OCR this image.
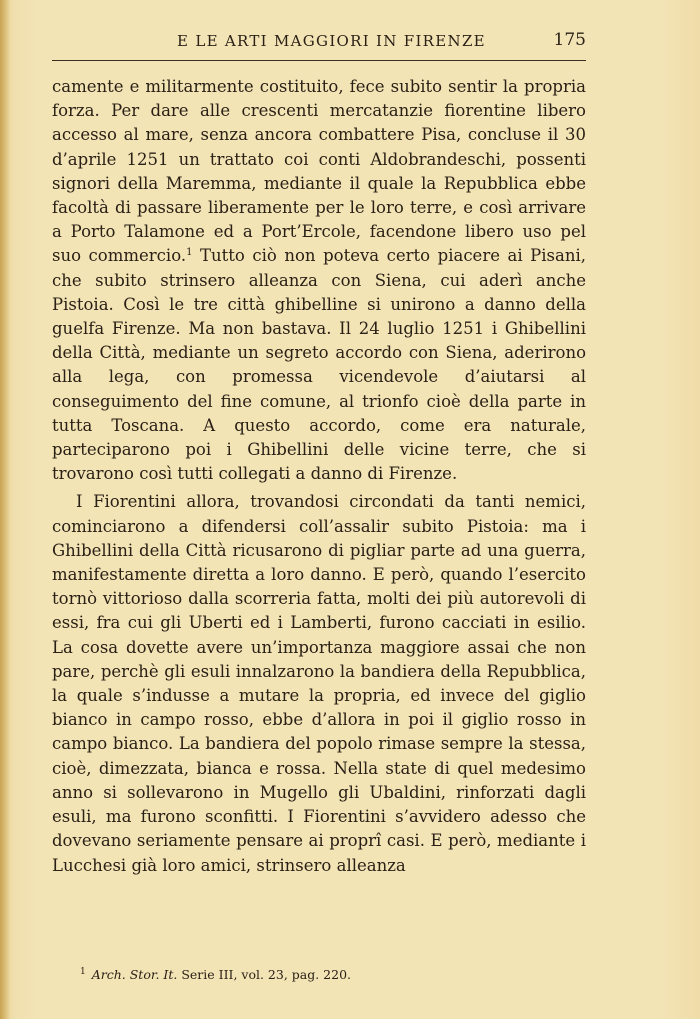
E LE ARTI MAGGIORI IN FIRENZE	175

camente e militarmente costituito, fece subito sentir la propria forza. Per dare alle crescenti mercatanzie fiorentine libero accesso al mare, senza ancora combattere Pisa, concluse il 30 d’aprile 1251 un trattato coi conti Aldobrandeschi, possenti signori della Maremma, mediante il quale la Repubblica ebbe facoltà di passare liberamente per le loro terre, e così arrivare a Porto Talamone ed a Port’Ercole, facendone libero uso pel suo commercio.$^1$ Tutto ciò non poteva certo piacere ai Pisani, che subito strinsero alleanza con Siena, cui aderì anche Pistoia. Così le tre città ghibelline si unirono a danno della guelfa Firenze. Ma non bastava. Il 24 luglio 1251 i Ghibellini della Città, mediante un segreto accordo con Siena, aderirono alla lega, con promessa vicendevole d’aiutarsi al conseguimento del fine comune, al trionfo cioè della parte in tutta Toscana. A questo accordo, come era naturale, parteciparono poi i Ghibellini delle vicine terre, che si trovarono così tutti collegati a danno di Firenze.

I Fiorentini allora, trovandosi circondati da tanti nemici, cominciarono a difendersi coll’assalir subito Pistoia: ma i Ghibellini della Città ricusarono di pigliar parte ad una guerra, manifestamente diretta a loro danno. E però, quando l’esercito tornò vittorioso dalla scorreria fatta, molti dei più autorevoli di essi, fra cui gli Uberti ed i Lamberti, furono cacciati in esilio. La cosa dovette avere un’importanza maggiore assai che non pare, perchè gli esuli innalzarono la bandiera della Repubblica, la quale s’indusse a mutare la propria, ed invece del giglio bianco in campo rosso, ebbe d’allora in poi il giglio rosso in campo bianco. La bandiera del popolo rimase sempre la stessa, cioè, dimezzata, bianca e rossa. Nella state di quel medesimo anno si sollevarono in Mugello gli Ubaldini, rinforzati dagli esuli, ma furono sconfitti. I Fiorentini s’avvidero adesso che dovevano seriamente pensare ai proprî casi. E però, mediante i Lucchesi già loro amici, strinsero alleanza

$^1$ Arch. Stor. It. Serie III, vol. 23, pag. 220.
